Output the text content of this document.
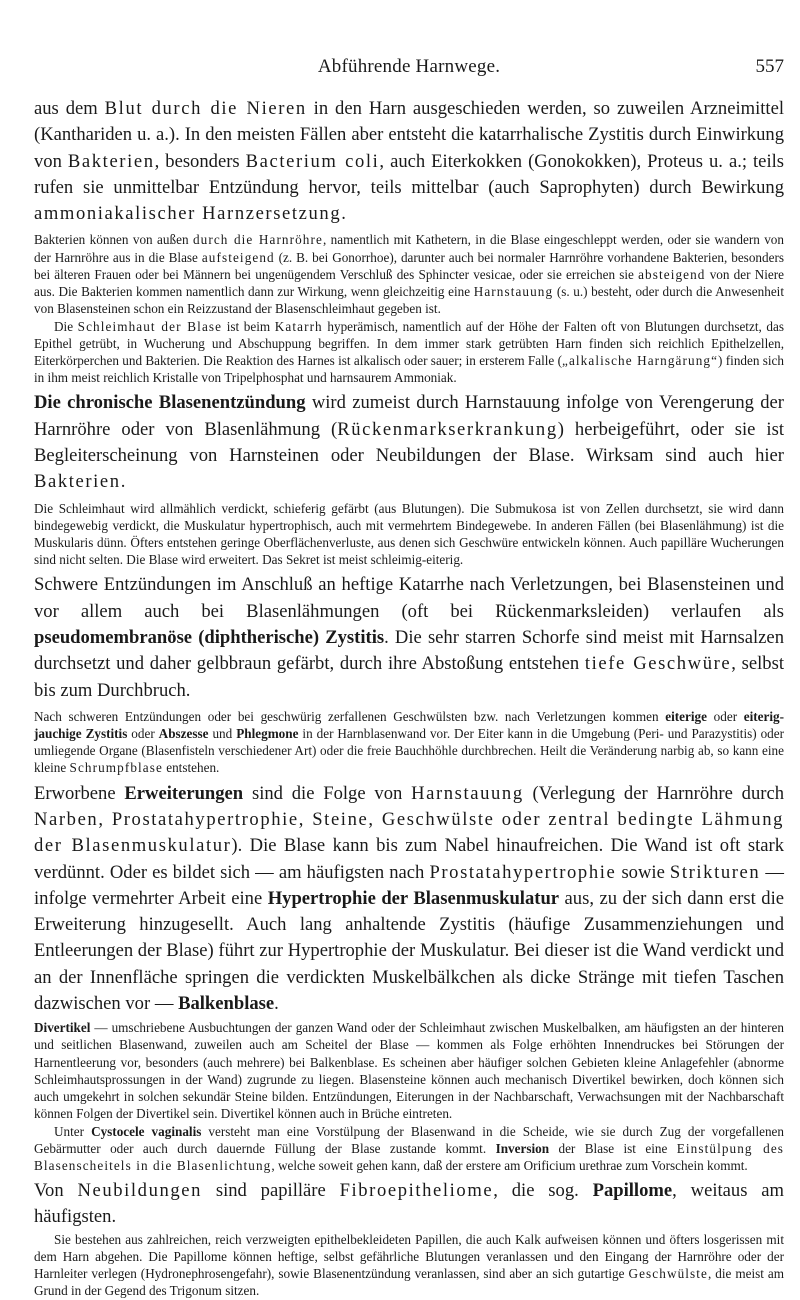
Abführende Harnwege.	557

aus dem Blut durch die Nieren in den Harn ausgeschieden werden, so zuweilen Arzneimittel (Kanthariden u. a.). In den meisten Fällen aber entsteht die katarrhalische Zystitis durch Einwirkung von Bakterien, besonders Bacterium coli, auch Eiterkokken (Gonokokken), Proteus u. a.; teils rufen sie unmittelbar Entzündung hervor, teils mittelbar (auch Saprophyten) durch Bewirkung ammoniakalischer Harnzersetzung.

Bakterien können von außen durch die Harnröhre, namentlich mit Kathetern, in die Blase eingeschleppt werden, oder sie wandern von der Harnröhre aus in die Blase aufsteigend (z. B. bei Gonorrhoe), darunter auch bei normaler Harnröhre vorhandene Bakterien, besonders bei älteren Frauen oder bei Männern bei ungenügendem Verschluß des Sphincter vesicae, oder sie erreichen sie absteigend von der Niere aus. Die Bakterien kommen namentlich dann zur Wirkung, wenn gleichzeitig eine Harnstauung (s. u.) besteht, oder durch die Anwesenheit von Blasensteinen schon ein Reizzustand der Blasenschleimhaut gegeben ist.

Die Schleimhaut der Blase ist beim Katarrh hyperämisch, namentlich auf der Höhe der Falten oft von Blutungen durchsetzt, das Epithel getrübt, in Wucherung und Abschuppung begriffen. In dem immer stark getrübten Harn finden sich reichlich Epithelzellen, Eiterkörperchen und Bakterien. Die Reaktion des Harnes ist alkalisch oder sauer; in ersterem Falle („alkalische Harngärung“) finden sich in ihm meist reichlich Kristalle von Tripelphosphat und harnsaurem Ammoniak.

Die chronische Blasenentzündung wird zumeist durch Harnstauung infolge von Verengerung der Harnröhre oder von Blasenlähmung (Rückenmarkserkrankung) herbeigeführt, oder sie ist Begleiterscheinung von Harnsteinen oder Neubildungen der Blase. Wirksam sind auch hier Bakterien.

Die Schleimhaut wird allmählich verdickt, schieferig gefärbt (aus Blutungen). Die Submukosa ist von Zellen durchsetzt, sie wird dann bindegewebig verdickt, die Muskulatur hypertrophisch, auch mit vermehrtem Bindegewebe. In anderen Fällen (bei Blasenlähmung) ist die Muskularis dünn. Öfters entstehen geringe Oberflächenverluste, aus denen sich Geschwüre entwickeln können. Auch papilläre Wucherungen sind nicht selten. Die Blase wird erweitert. Das Sekret ist meist schleimig-eiterig.

Schwere Entzündungen im Anschluß an heftige Katarrhe nach Verletzungen, bei Blasensteinen und vor allem auch bei Blasenlähmungen (oft bei Rückenmarksleiden) verlaufen als pseudomembranöse (diphtherische) Zystitis. Die sehr starren Schorfe sind meist mit Harnsalzen durchsetzt und daher gelbbraun gefärbt, durch ihre Abstoßung entstehen tiefe Geschwüre, selbst bis zum Durchbruch.

Nach schweren Entzündungen oder bei geschwürig zerfallenen Geschwülsten bzw. nach Verletzungen kommen eiterige oder eiterig-jauchige Zystitis oder Abszesse und Phlegmone in der Harnblasenwand vor. Der Eiter kann in die Umgebung (Peri- und Parazystitis) oder umliegende Organe (Blasenfisteln verschiedener Art) oder die freie Bauchhöhle durchbrechen. Heilt die Veränderung narbig ab, so kann eine kleine Schrumpfblase entstehen.

Erworbene Erweiterungen sind die Folge von Harnstauung (Verlegung der Harnröhre durch Narben, Prostatahypertrophie, Steine, Geschwülste oder zentral bedingte Lähmung der Blasenmuskulatur). Die Blase kann bis zum Nabel hinaufreichen. Die Wand ist oft stark verdünnt. Oder es bildet sich — am häufigsten nach Prostatahypertrophie sowie Strikturen — infolge vermehrter Arbeit eine Hypertrophie der Blasenmuskulatur aus, zu der sich dann erst die Erweiterung hinzugesellt. Auch lang anhaltende Zystitis (häufige Zusammenziehungen und Entleerungen der Blase) führt zur Hypertrophie der Muskulatur. Bei dieser ist die Wand verdickt und an der Innenfläche springen die verdickten Muskelbälkchen als dicke Stränge mit tiefen Taschen dazwischen vor — Balkenblase.

Divertikel — umschriebene Ausbuchtungen der ganzen Wand oder der Schleimhaut zwischen Muskelbalken, am häufigsten an der hinteren und seitlichen Blasenwand, zuweilen auch am Scheitel der Blase — kommen als Folge erhöhten Innendruckes bei Störungen der Harnentleerung vor, besonders (auch mehrere) bei Balkenblase. Es scheinen aber häufiger solchen Gebieten kleine Anlagefehler (abnorme Schleimhautsprossungen in der Wand) zugrunde zu liegen. Blasensteine können auch mechanisch Divertikel bewirken, doch können sich auch umgekehrt in solchen sekundär Steine bilden. Entzündungen, Eiterungen in der Nachbarschaft, Verwachsungen mit der Nachbarschaft können Folgen der Divertikel sein. Divertikel können auch in Brüche eintreten.

Unter Cystocele vaginalis versteht man eine Vorstülpung der Blasenwand in die Scheide, wie sie durch Zug der vorgefallenen Gebärmutter oder auch durch dauernde Füllung der Blase zustande kommt. Inversion der Blase ist eine Einstülpung des Blasenscheitels in die Blasenlichtung, welche soweit gehen kann, daß der erstere am Orificium urethrae zum Vorschein kommt.

Von Neubildungen sind papilläre Fibroepitheliome, die sog. Papillome, weitaus am häufigsten.

Sie bestehen aus zahlreichen, reich verzweigten epithelbekleideten Papillen, die auch Kalk aufweisen können und öfters losgerissen mit dem Harn abgehen. Die Papillome können heftige, selbst gefährliche Blutungen veranlassen und den Eingang der Harnröhre oder der Harnleiter verlegen (Hydronephrosengefahr), sowie Blasenentzündung veranlassen, sind aber an sich gutartige Geschwülste, die meist am Grund in der Gegend des Trigonum sitzen.
